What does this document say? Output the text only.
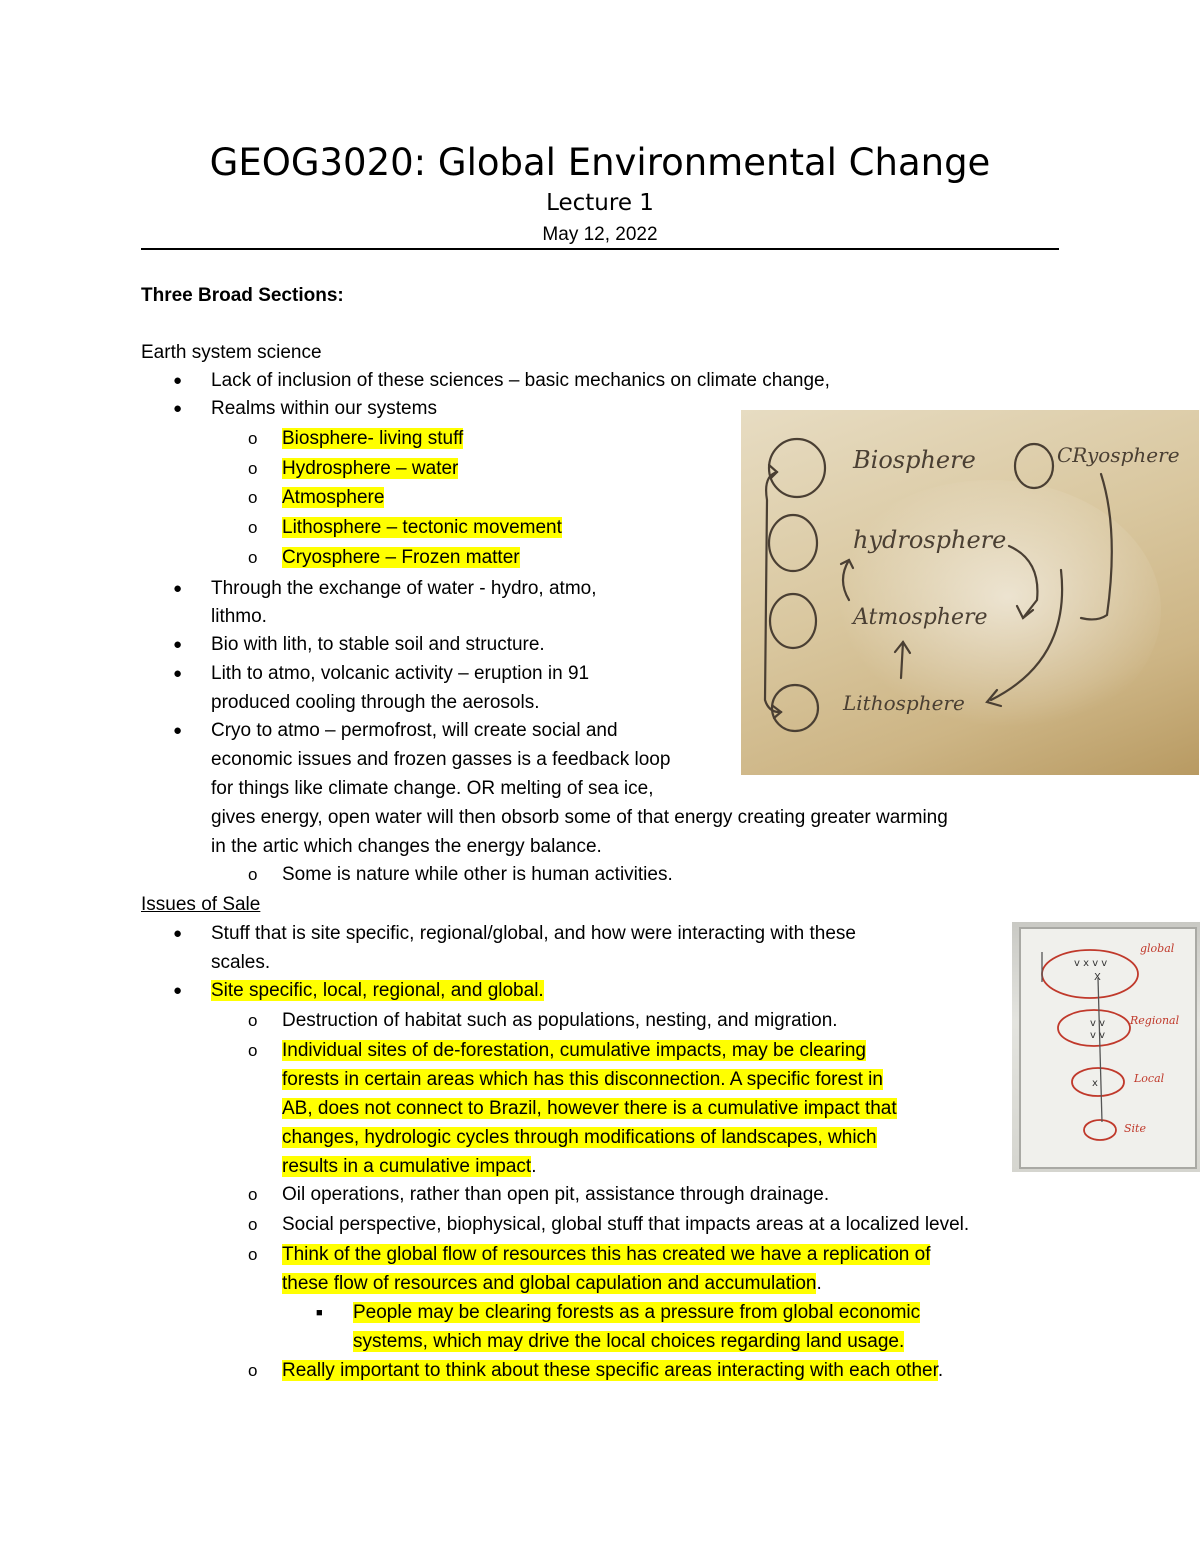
GEOG3020: Global Environmental Change
Lecture 1
May 12, 2022
Three Broad Sections:
Earth system science
● Lack of inclusion of these sciences – basic mechanics on climate change,
● Realms within our systems
o Biosphere- living stuff
o Hydrosphere – water
o Atmosphere
o Lithosphere – tectonic movement
o Cryosphere – Frozen matter
● Through the exchange of water - hydro, atmo,
lithmo.
● Bio with lith, to stable soil and structure.
● Lith to atmo, volcanic activity – eruption in 91
produced cooling through the aerosols.
● Cryo to atmo – permofrost, will create social and
economic issues and frozen gasses is a feedback loop
for things like climate change. OR melting of sea ice,
gives energy, open water will then obsorb some of that energy creating greater warming
in the artic which changes the energy balance.
o Some is nature while other is human activities.
Issues of Sale
● Stuff that is site specific, regional/global, and how were interacting with these
scales.
● Site specific, local, regional, and global.
o Destruction of habitat such as populations, nesting, and migration.
o Individual sites of de-forestation, cumulative impacts, may be clearing
forests in certain areas which has this disconnection. A specific forest in
AB, does not connect to Brazil, however there is a cumulative impact that
changes, hydrologic cycles through modifications of landscapes, which
results in a cumulative impact.
o Oil operations, rather than open pit, assistance through drainage.
o Social perspective, biophysical, global stuff that impacts areas at a localized level.
o Think of the global flow of resources this has created we have a replication of
these flow of resources and global capulation and accumulation.
■ People may be clearing forests as a pressure from global economic
systems, which may drive the local choices regarding land usage.
o Really important to think about these specific areas interacting with each other.
Biosphere	CRyosphere
hydrosphere
Atmosphere
Lithosphere
v x v v
X
v v
v v
x
global
Regional
Local
Site
